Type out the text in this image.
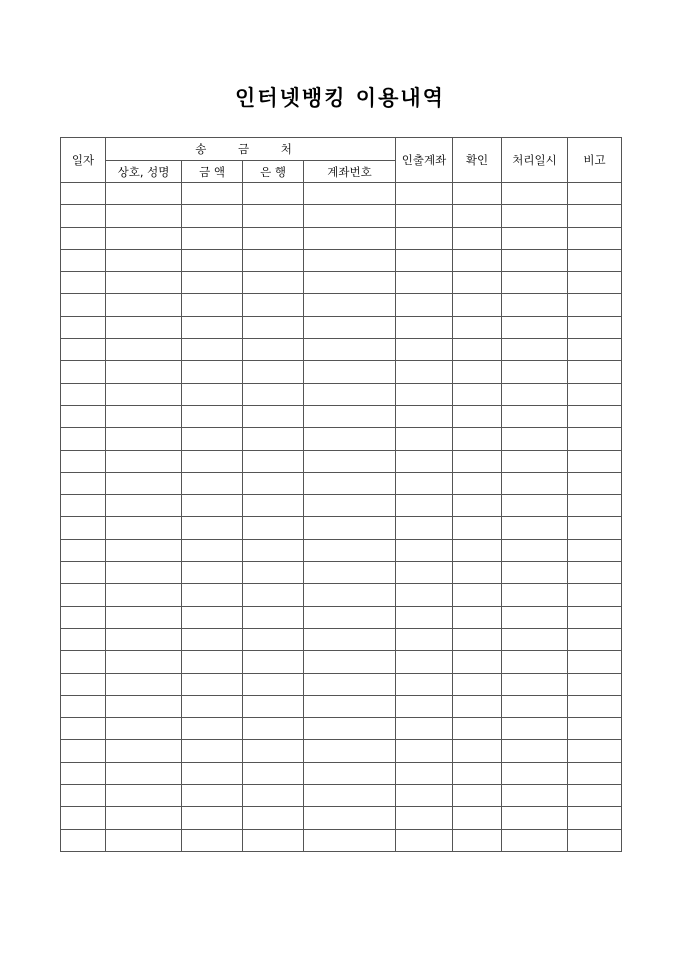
인터넷뱅킹 이용내역
일자	송 금 처				인출계좌	확인	처리일시	비고
	상호, 성명	금 액	은 행	계좌번호				
